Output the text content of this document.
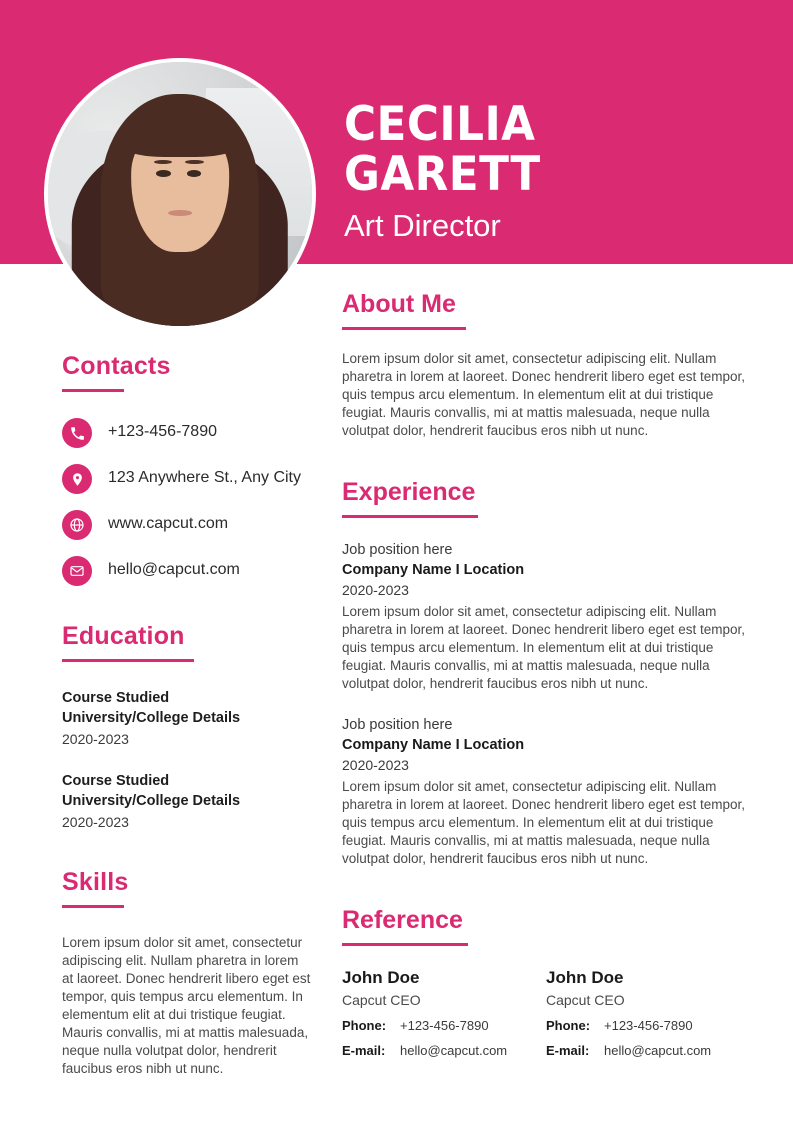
CECILIA GARETT
Art Director
Contacts
+123-456-7890
123 Anywhere St., Any City
www.capcut.com
hello@capcut.com
Education
Course Studied
University/College Details
2020-2023
Course Studied
University/College Details
2020-2023
Skills
Lorem ipsum dolor sit amet, consectetur adipiscing elit. Nullam pharetra in lorem at laoreet. Donec hendrerit libero eget est tempor, quis tempus arcu elementum. In elementum elit at dui tristique feugiat. Mauris convallis, mi at mattis malesuada, neque nulla volutpat dolor, hendrerit faucibus eros nibh ut nunc.
About Me
Lorem ipsum dolor sit amet, consectetur adipiscing elit. Nullam pharetra in lorem at laoreet. Donec hendrerit libero eget est tempor, quis tempus arcu elementum. In elementum elit at dui tristique feugiat. Mauris convallis, mi at mattis malesuada, neque nulla volutpat dolor, hendrerit faucibus eros nibh ut nunc.
Experience
Job position here
Company Name I Location
2020-2023
Lorem ipsum dolor sit amet, consectetur adipiscing elit. Nullam pharetra in lorem at laoreet. Donec hendrerit libero eget est tempor, quis tempus arcu elementum. In elementum elit at dui tristique feugiat. Mauris convallis, mi at mattis malesuada, neque nulla volutpat dolor, hendrerit faucibus eros nibh ut nunc.
Job position here
Company Name I Location
2020-2023
Lorem ipsum dolor sit amet, consectetur adipiscing elit. Nullam pharetra in lorem at laoreet. Donec hendrerit libero eget est tempor, quis tempus arcu elementum. In elementum elit at dui tristique feugiat. Mauris convallis, mi at mattis malesuada, neque nulla volutpat dolor, hendrerit faucibus eros nibh ut nunc.
Reference
John Doe
Capcut CEO
Phone:	+123-456-7890
E-mail:	hello@capcut.com
John Doe
Capcut CEO
Phone:	+123-456-7890
E-mail:	hello@capcut.com
